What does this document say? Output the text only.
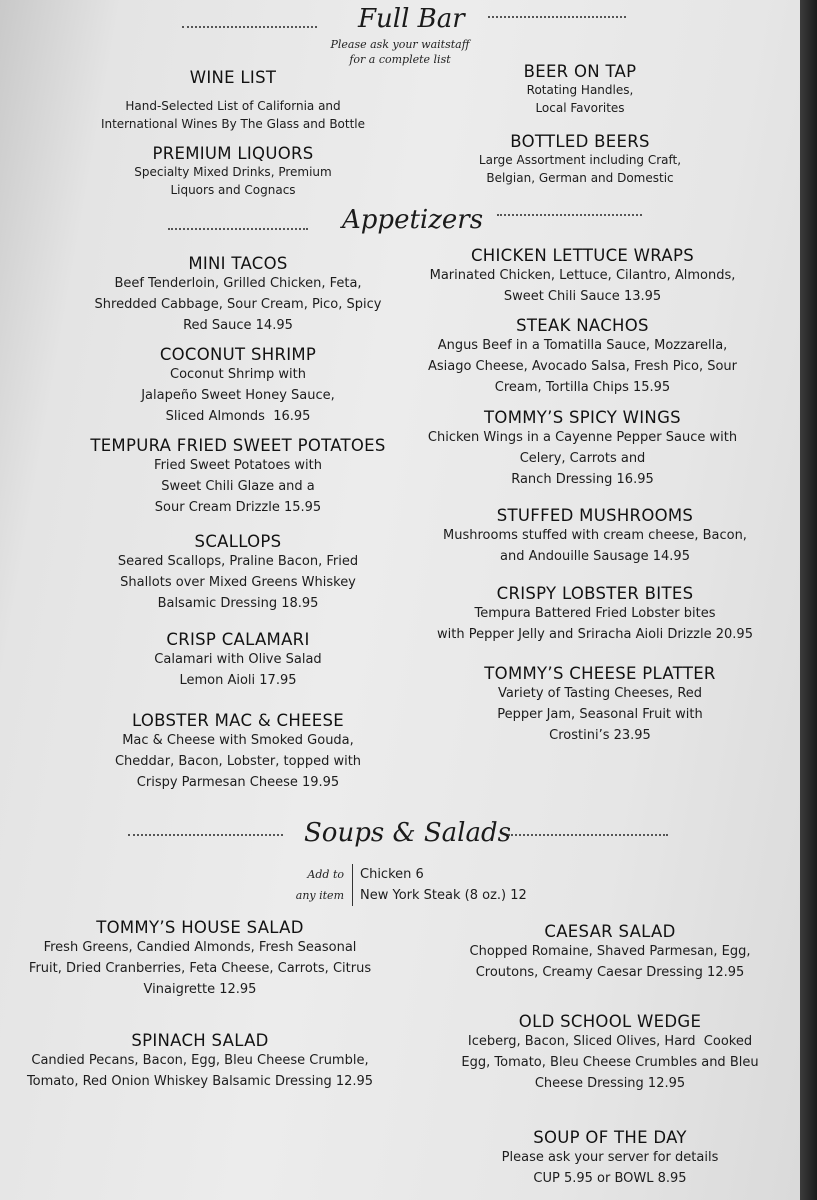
Full Bar
Please ask your waitstaff
for a complete list
WINE LIST
Hand-Selected List of California and
International Wines By The Glass and Bottle
PREMIUM LIQUORS
Specialty Mixed Drinks, Premium
Liquors and Cognacs
BEER ON TAP
Rotating Handles,
Local Favorites
BOTTLED BEERS
Large Assortment including Craft,
Belgian, German and Domestic
Appetizers
MINI TACOS
Beef Tenderloin, Grilled Chicken, Feta,
Shredded Cabbage, Sour Cream, Pico, Spicy
Red Sauce 14.95
COCONUT SHRIMP
Coconut Shrimp with
Jalapeño Sweet Honey Sauce,
Sliced Almonds  16.95
TEMPURA FRIED SWEET POTATOES
Fried Sweet Potatoes with
Sweet Chili Glaze and a
Sour Cream Drizzle 15.95
SCALLOPS
Seared Scallops, Praline Bacon, Fried
Shallots over Mixed Greens Whiskey
Balsamic Dressing 18.95
CRISP CALAMARI
Calamari with Olive Salad
Lemon Aioli 17.95
LOBSTER MAC & CHEESE
Mac & Cheese with Smoked Gouda,
Cheddar, Bacon, Lobster, topped with
Crispy Parmesan Cheese 19.95
CHICKEN LETTUCE WRAPS
Marinated Chicken, Lettuce, Cilantro, Almonds,
Sweet Chili Sauce 13.95
STEAK NACHOS
Angus Beef in a Tomatilla Sauce, Mozzarella,
Asiago Cheese, Avocado Salsa, Fresh Pico, Sour
Cream, Tortilla Chips 15.95
TOMMY’S SPICY WINGS
Chicken Wings in a Cayenne Pepper Sauce with
Celery, Carrots and
Ranch Dressing 16.95
STUFFED MUSHROOMS
Mushrooms stuffed with cream cheese, Bacon,
and Andouille Sausage 14.95
CRISPY LOBSTER BITES
Tempura Battered Fried Lobster bites
with Pepper Jelly and Sriracha Aioli Drizzle 20.95
TOMMY’S CHEESE PLATTER
Variety of Tasting Cheeses, Red
Pepper Jam, Seasonal Fruit with
Crostini’s 23.95
Soups & Salads
Add to
any item
Chicken 6
New York Steak (8 oz.) 12
TOMMY’S HOUSE SALAD
Fresh Greens, Candied Almonds, Fresh Seasonal
Fruit, Dried Cranberries, Feta Cheese, Carrots, Citrus
Vinaigrette 12.95
SPINACH SALAD
Candied Pecans, Bacon, Egg, Bleu Cheese Crumble,
Tomato, Red Onion Whiskey Balsamic Dressing 12.95
CAESAR SALAD
Chopped Romaine, Shaved Parmesan, Egg,
Croutons, Creamy Caesar Dressing 12.95
OLD SCHOOL WEDGE
Iceberg, Bacon, Sliced Olives, Hard  Cooked
Egg, Tomato, Bleu Cheese Crumbles and Bleu
Cheese Dressing 12.95
SOUP OF THE DAY
Please ask your server for details
CUP 5.95 or BOWL 8.95
